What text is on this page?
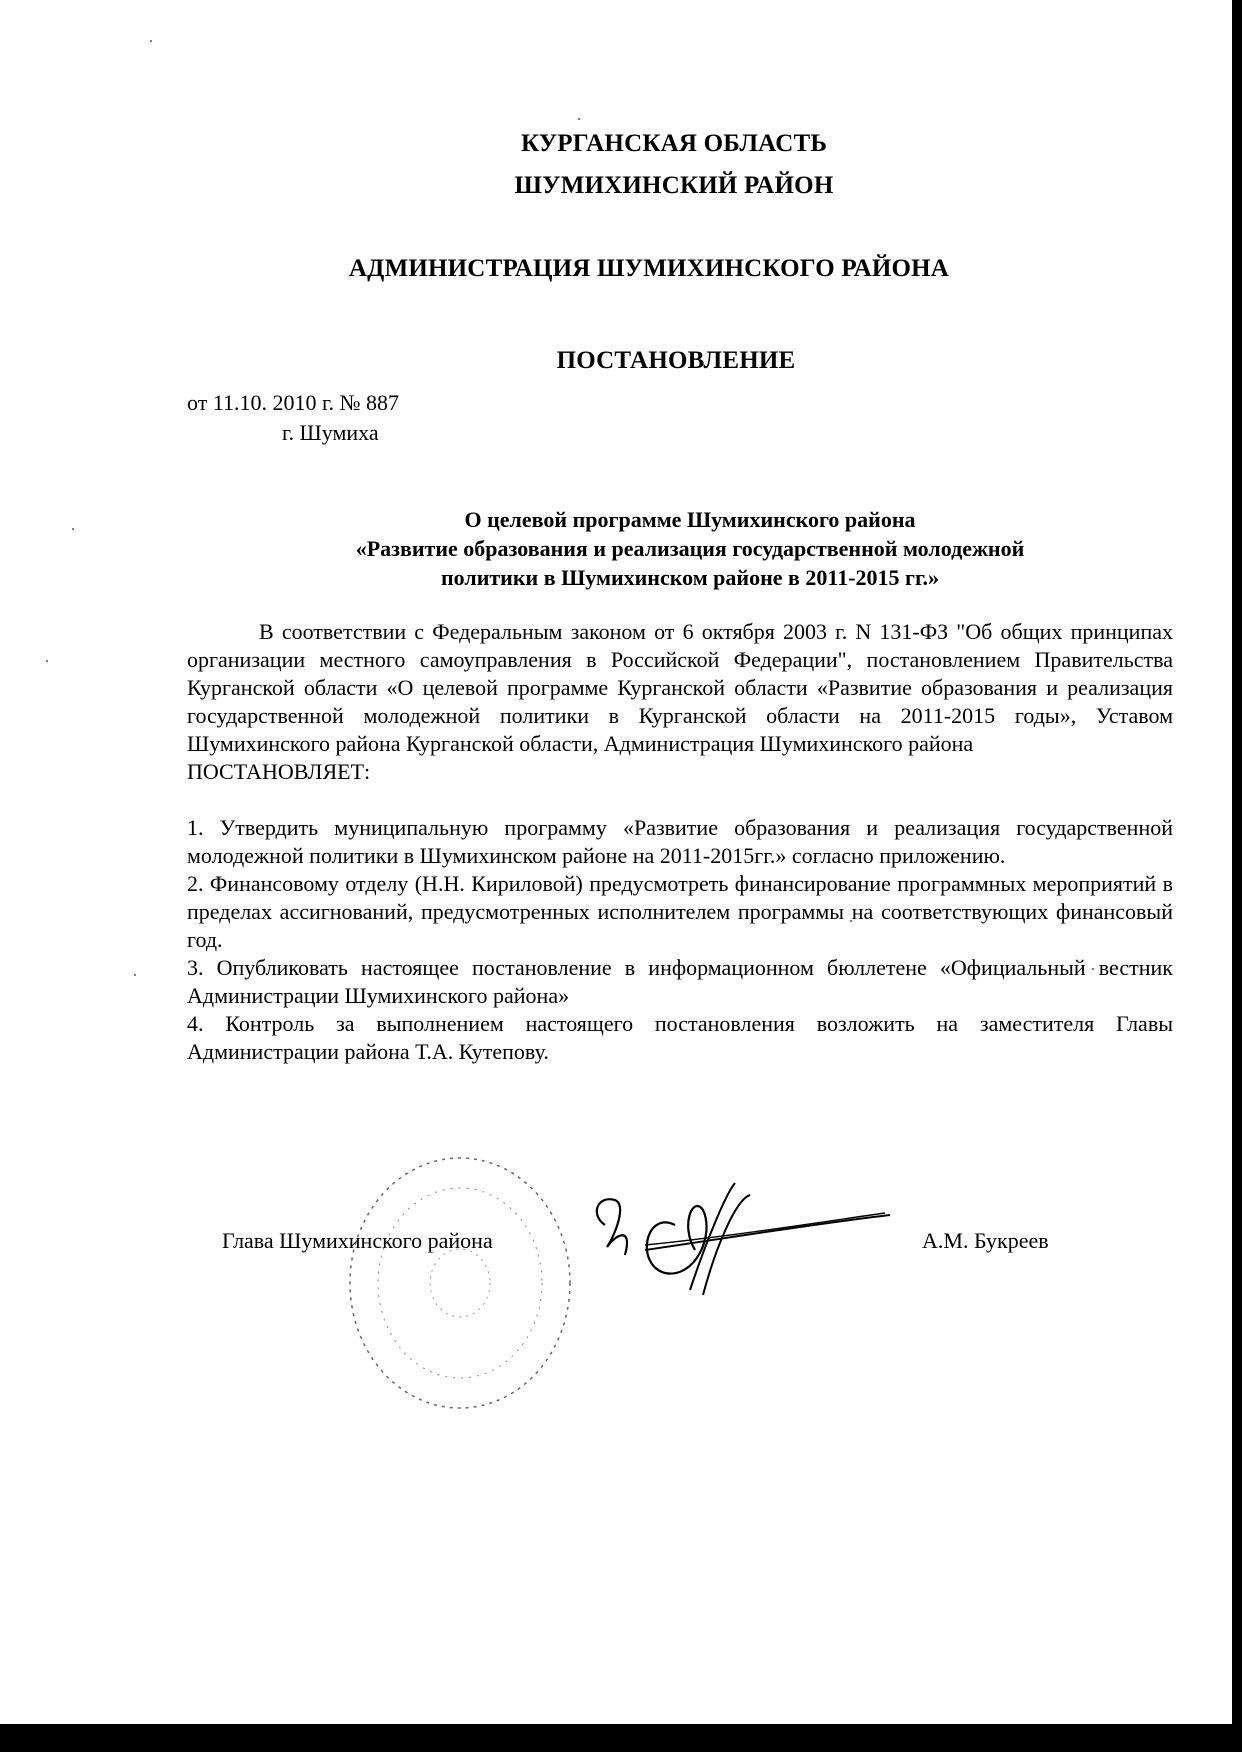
КУРГАНСКАЯ ОБЛАСТЬ
ШУМИХИНСКИЙ РАЙОН
АДМИНИСТРАЦИЯ ШУМИХИНСКОГО РАЙОНА
ПОСТАНОВЛЕНИЕ
от 11.10. 2010 г. № 887
г. Шумиха
О целевой программе Шумихинского района
«Развитие образования и реализация государственной молодежной
политики в Шумихинском районе в 2011-2015 гг.»

В соответствии с Федеральным законом от 6 октября 2003 г. N 131-ФЗ "Об общих принципах организации местного самоуправления в Российской Федерации", постановлением Правительства Курганской области «О целевой программе Курганской области «Развитие образования и реализация государственной молодежной политики в Курганской области на 2011-2015 годы», Уставом Шумихинского района Курганской области, Администрация Шумихинского района

ПОСТАНОВЛЯЕТ:

1. Утвердить муниципальную программу «Развитие образования и реализация государственной молодежной политики в Шумихинском районе на 2011-2015гг.» согласно приложению.

2. Финансовому отделу (Н.Н. Кириловой) предусмотреть финансирование программных мероприятий в пределах ассигнований, предусмотренных исполнителем программы на соответствующих финансовый год.

3. Опубликовать настоящее постановление в информационном бюллетене «Официальный вестник Администрации Шумихинского района»

4. Контроль за выполнением настоящего постановления возложить на заместителя Главы Администрации района Т.А. Кутепову.

Глава Шумихинского района	А.М. Букреев
